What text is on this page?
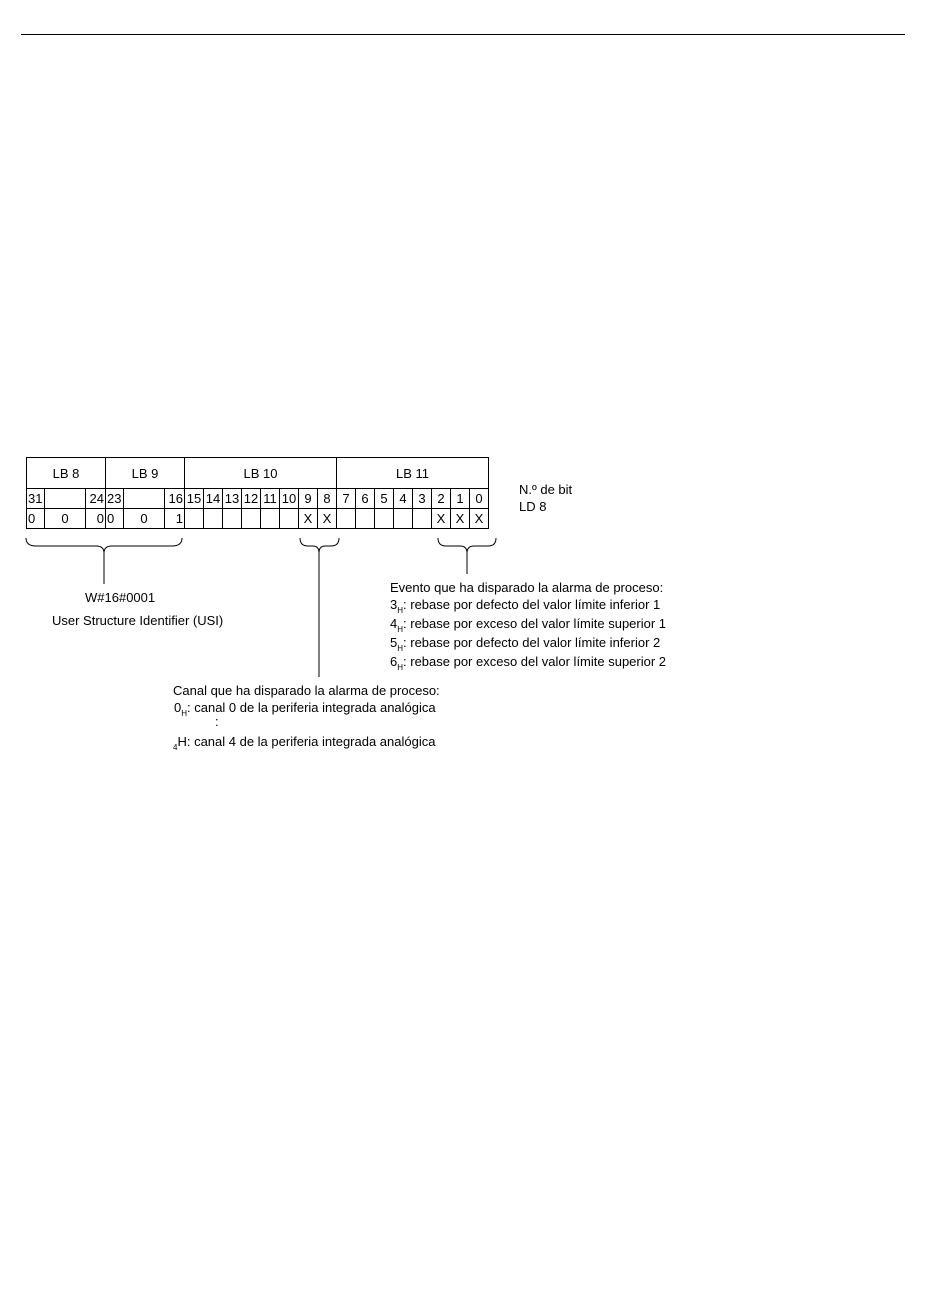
LB 8			LB 9			LB 10								LB 11							
31		24	23		16	15	14	13	12	11	10	9	8	7	6	5	4	3	2	1	0
0	0	0	0	0	1							X	X						X	X	X
N.º de bit
LD 8
W#16#0001
User Structure Identifier (USI)
Evento que ha disparado la alarma de proceso:
$3_H$: rebase por defecto del valor límite inferior 1
$4_H$: rebase por exceso del valor límite superior 1
$5_H$: rebase por defecto del valor límite inferior 2
$6_H$: rebase por exceso del valor límite superior 2
Canal que ha disparado la alarma de proceso:
$0_H$: canal 0 de la periferia integrada analógica
:
$_4$H: canal 4 de la periferia integrada analógica
